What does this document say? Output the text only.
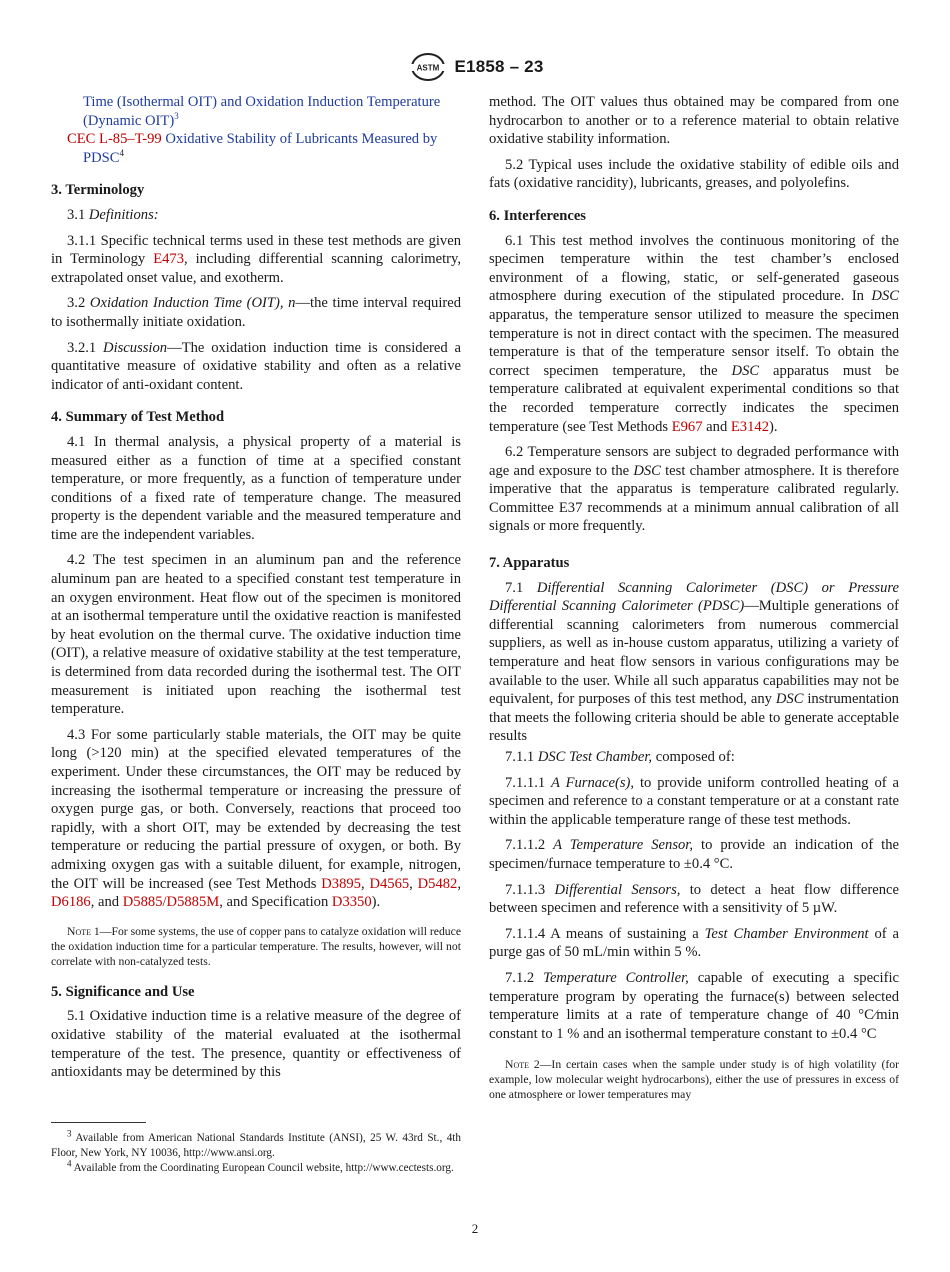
ASTM E1858 – 23
Time (Isothermal OIT) and Oxidation Induction Temperature (Dynamic OIT)$^3$
CEC L-85–T-99 Oxidative Stability of Lubricants Measured by PDSC$^4$
3. Terminology

3.1 Definitions:

3.1.1 Specific technical terms used in these test methods are given in Terminology E473, including differential scanning calorimetry, extrapolated onset value, and exotherm.

3.2 Oxidation Induction Time (OIT), n—the time interval required to isothermally initiate oxidation.

3.2.1 Discussion—The oxidation induction time is considered a quantitative measure of oxidative stability and often as a relative indicator of anti-oxidant content.

4. Summary of Test Method

4.1 In thermal analysis, a physical property of a material is measured either as a function of time at a specified constant temperature, or more frequently, as a function of temperature under conditions of a fixed rate of temperature change. The measured property is the dependent variable and the measured temperature and time are the independent variables.

4.2 The test specimen in an aluminum pan and the reference aluminum pan are heated to a specified constant test temperature in an oxygen environment. Heat flow out of the specimen is monitored at an isothermal temperature until the oxidative reaction is manifested by heat evolution on the thermal curve. The oxidative induction time (OIT), a relative measure of oxidative stability at the test temperature, is determined from data recorded during the isothermal test. The OIT measurement is initiated upon reaching the isothermal test temperature.

4.3 For some particularly stable materials, the OIT may be quite long (>120 min) at the specified elevated temperatures of the experiment. Under these circumstances, the OIT may be reduced by increasing the isothermal temperature or increasing the pressure of oxygen purge gas, or both. Conversely, reactions that proceed too rapidly, with a short OIT, may be extended by decreasing the test temperature or reducing the partial pressure of oxygen, or both. By admixing oxygen gas with a suitable diluent, for example, nitrogen, the OIT will be increased (see Test Methods D3895, D4565, D5482, D6186, and D5885/D5885M, and Specification D3350).

Note 1—For some systems, the use of copper pans to catalyze oxidation will reduce the oxidation induction time for a particular temperature. The results, however, will not correlate with non-catalyzed tests.

5. Significance and Use

5.1 Oxidative induction time is a relative measure of the degree of oxidative stability of the material evaluated at the isothermal temperature of the test. The presence, quantity or effectiveness of antioxidants may be determined by this

$^3$ Available from American National Standards Institute (ANSI), 25 W. 43rd St., 4th Floor, New York, NY 10036, http://www.ansi.org.
$^4$ Available from the Coordinating European Council website, http://www.cectests.org.

method. The OIT values thus obtained may be compared from one hydrocarbon to another or to a reference material to obtain relative oxidative stability information.

5.2 Typical uses include the oxidative stability of edible oils and fats (oxidative rancidity), lubricants, greases, and polyolefins.

6. Interferences

6.1 This test method involves the continuous monitoring of the specimen temperature within the test chamber’s enclosed environment of a flowing, static, or self-generated gaseous atmosphere during execution of the stipulated procedure. In DSC apparatus, the temperature sensor utilized to measure the specimen temperature is not in direct contact with the specimen. The measured temperature is that of the temperature sensor itself. To obtain the correct specimen temperature, the DSC apparatus must be temperature calibrated at equivalent experimental conditions so that the recorded temperature correctly indicates the specimen temperature (see Test Methods E967 and E3142).

6.2 Temperature sensors are subject to degraded performance with age and exposure to the DSC test chamber atmosphere. It is therefore imperative that the apparatus is temperature calibrated regularly. Committee E37 recommends at a minimum annual calibration of all signals or more frequently.

7. Apparatus

7.1 Differential Scanning Calorimeter (DSC) or Pressure Differential Scanning Calorimeter (PDSC)—Multiple generations of differential scanning calorimeters from numerous commercial suppliers, as well as in-house custom apparatus, utilizing a variety of temperature and heat flow sensors in various configurations may be available to the user. While all such apparatus capabilities may not be equivalent, for purposes of this test method, any DSC instrumentation that meets the following criteria should be able to generate acceptable results

7.1.1 DSC Test Chamber, composed of:

7.1.1.1 A Furnace(s), to provide uniform controlled heating of a specimen and reference to a constant temperature or at a constant rate within the applicable temperature range of these test methods.

7.1.1.2 A Temperature Sensor, to provide an indication of the specimen/furnace temperature to ±0.4 °C.

7.1.1.3 Differential Sensors, to detect a heat flow difference between specimen and reference with a sensitivity of 5 µW.

7.1.1.4 A means of sustaining a Test Chamber Environment of a purge gas of 50 mL/min within 5 %.

7.1.2 Temperature Controller, capable of executing a specific temperature program by operating the furnace(s) between selected temperature limits at a rate of temperature change of 40 °C⁄min constant to 1 % and an isothermal temperature constant to ±0.4 °C

Note 2—In certain cases when the sample under study is of high volatility (for example, low molecular weight hydrocarbons), either the use of pressures in excess of one atmosphere or lower temperatures may

2
